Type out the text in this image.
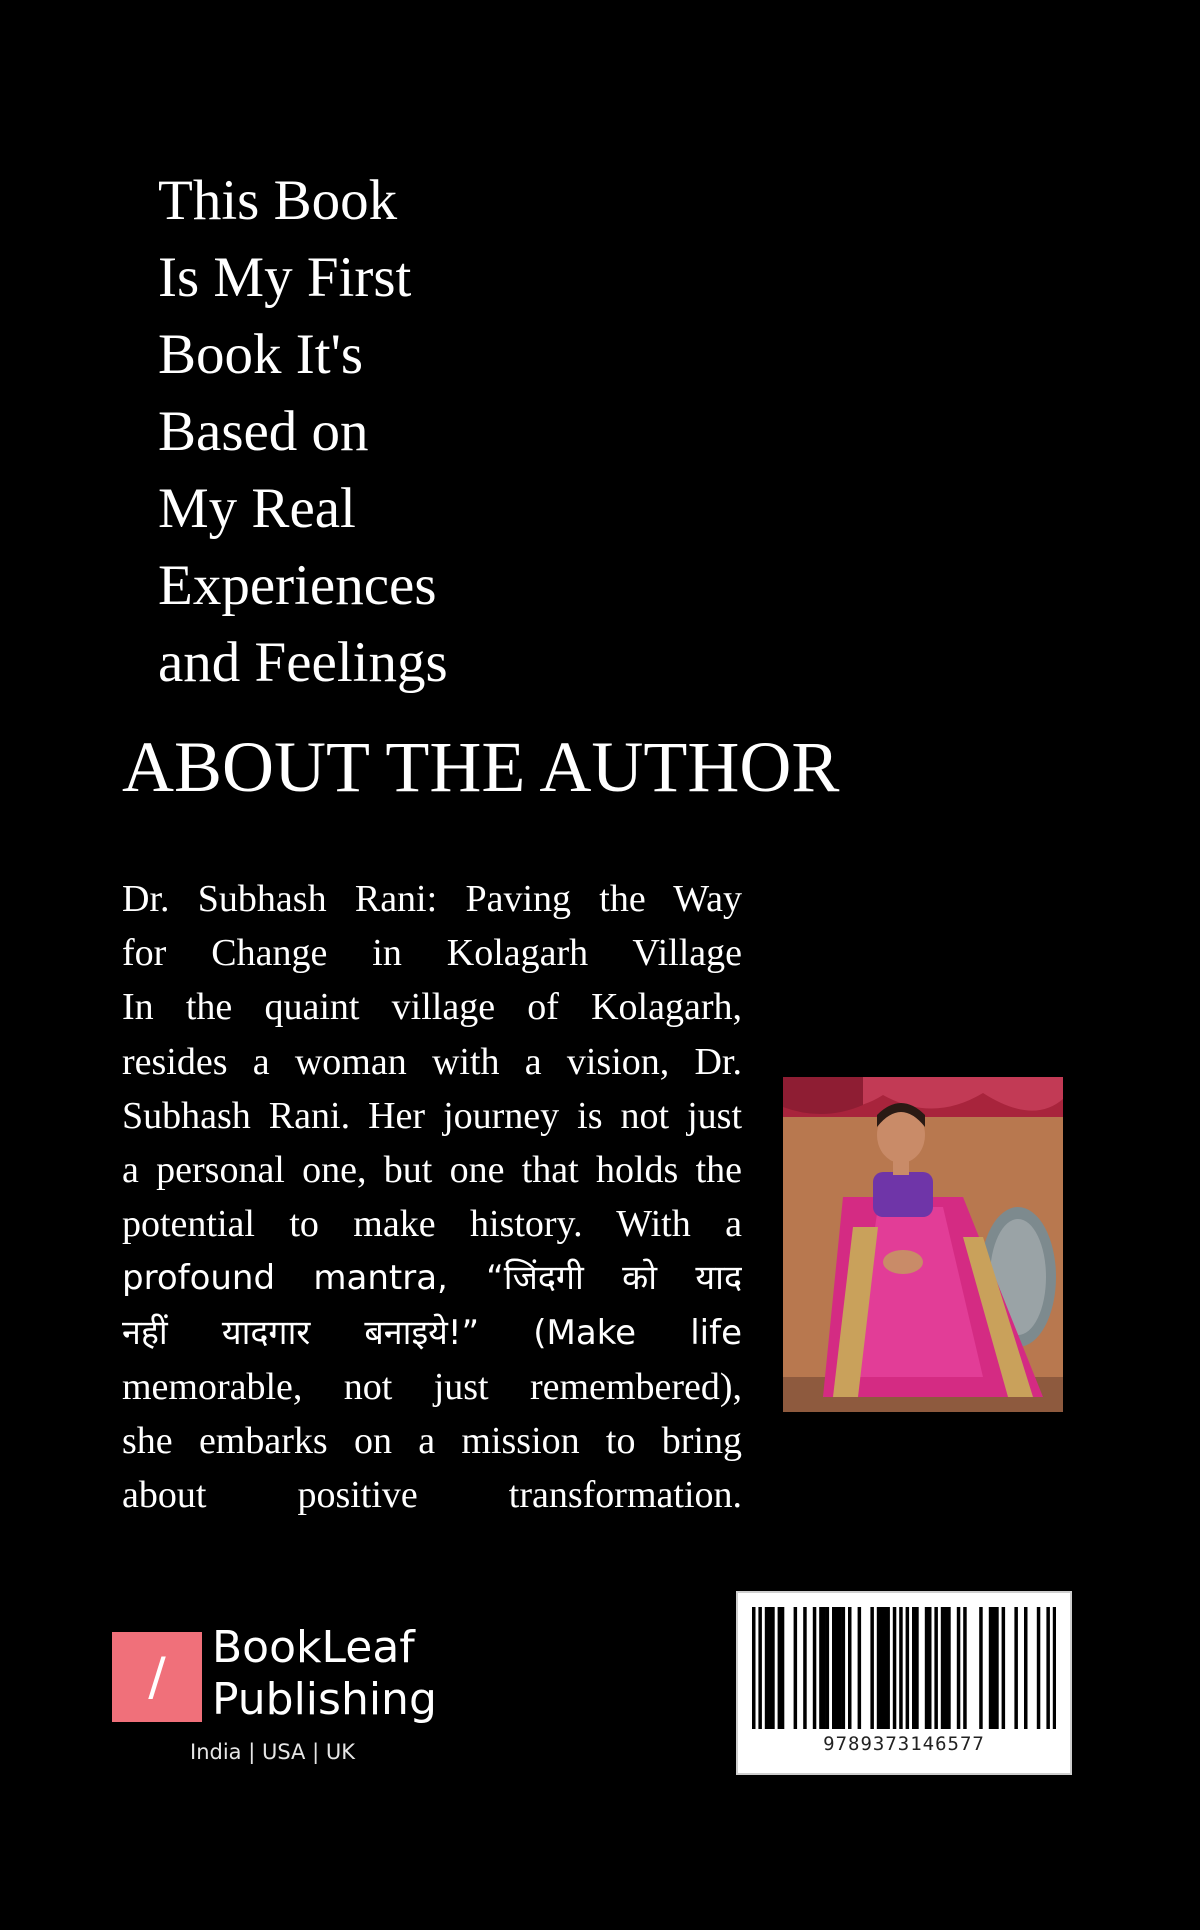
This Book
Is My First
Book It's
Based on
My Real
Experiences
and Feelings
ABOUT THE AUTHOR
Dr. Subhash Rani: Paving the Way
for Change in Kolagarh Village
In the quaint village of Kolagarh,
resides a woman with a vision, Dr.
Subhash Rani. Her journey is not just
a personal one, but one that holds the
potential to make history. With a
profound mantra, “जिंदगी को याद
नहीं यादगार बनाइये!” (Make life
memorable, not just remembered),
she embarks on a mission to bring
about positive transformation.
/	BookLeaf
Publishing
India | USA | UK	9789373146577
